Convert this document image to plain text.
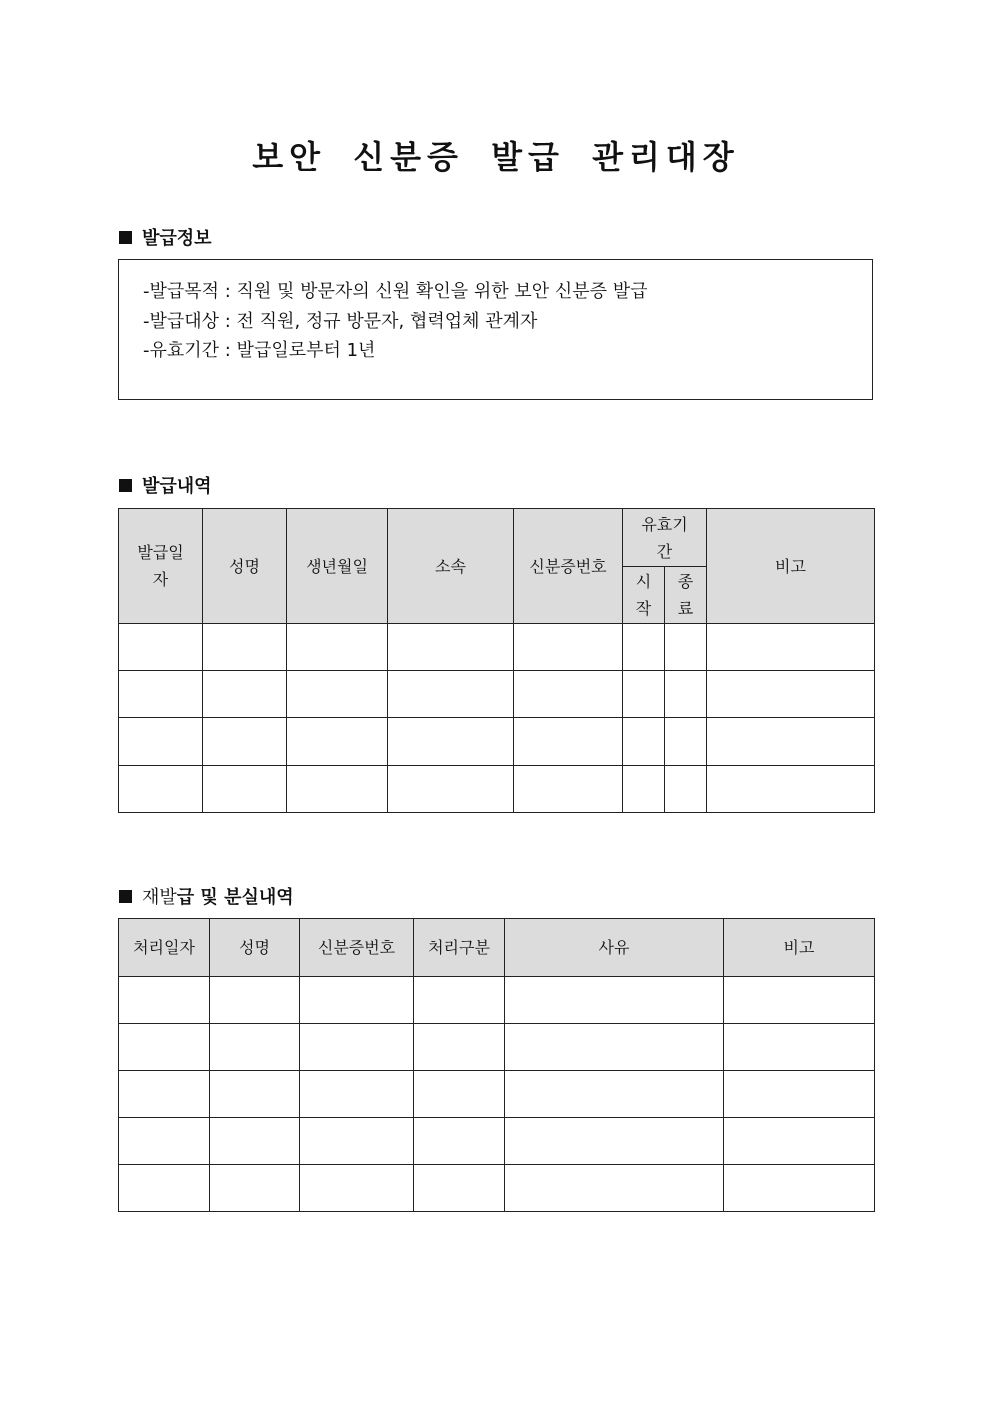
보안 신분증 발급 관리대장
발급정보
-발급목적 : 직원 및 방문자의 신원 확인을 위한 보안 신분증 발급
-발급대상 : 전 직원, 정규 방문자, 협력업체 관계자
-유효기간 : 발급일로부터 1년
발급내역
발급일자	성명	생년월일	소속	신분증번호	유효기간		비고

					시작	종료	

재발급 및 분실내역
처리일자	성명	신분증번호	처리구분	사유	비고
